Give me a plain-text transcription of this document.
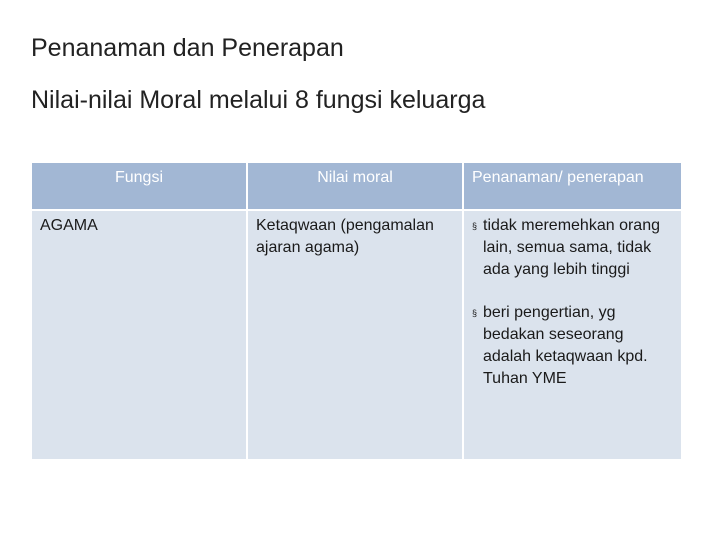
Penanaman dan Penerapan
Nilai-nilai Moral melalui 8 fungsi keluarga
Fungsi	Nilai moral	Penanaman/ penerapan
AGAMA	Ketaqwaan (pengamalan ajaran agama)	§ tidak meremehkan orang lain, semua sama, tidak ada yang lebih tinggi
§ beri pengertian, yg bedakan seseorang adalah ketaqwaan kpd. Tuhan YME
